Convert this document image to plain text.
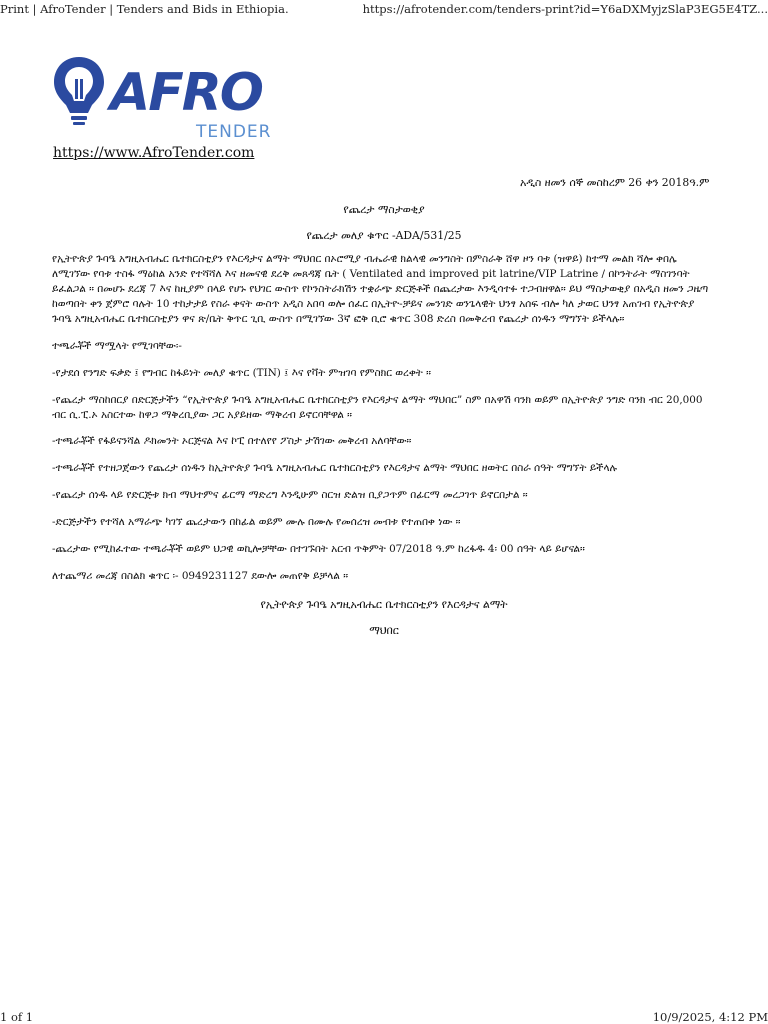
Print | AfroTender | Tenders and Bids in Ethiopia.	https://afrotender.com/tenders-print?id=Y6aDXMyjzSlaP3EG5E4TZ...
AFRO
TENDER
https://www.AfroTender.com
አዲስ ዘመን ሰኞ መስከረም 26 ቀን 2018ዓ.ም
የጨረታ ማስታወቂያ
የጨረታ መለያ ቁጥር -ADA/531/25

የኢትዮጵያ ጉባዔ አግዚአብሔር ቤተክርስቲያን የእርዳታና ልማት ማህበር በኦሮሚያ ብሔራዊ ክልላዊ መንግስት በምስራቅ ሸዋ ዞን ባቱ (ዝዋይ) ከተማ መልክ ሻሎ ቀበሌ ለሚገኘው የባቱ ተስፋ ማዕከል አንድ የተሻሻለ እና ዘመናዊ ደረቅ መጸዳጃ ቤት ( Ventilated and improved pit latrine/VIP Latrine / በኮንትራት ማስገንባት ይፈልጋል ። በመሆኑ ደረጃ 7 እና ከዚያም በላይ የሆኑ የህገር ውስጥ የኮንስትራክሽን ተቋራጭ ድርጅቶች በጨረታው እንዲሳተፉ ተጋብዘዋል። ይህ ማስታወቂያ በአዲስ ዘመን ጋዜጣ ከወጣበት ቀን ጀምሮ ባሉት 10 ተከታታይ የስራ ቀናት ውስጥ አዲስ አበባ ወሎ ሰፈር በኢትዮ-ቻይና መንገድ ወንጌላዊት ህንፃ አሰፍ ብሎ ካለ ታወር ህንፃ አጠገብ የኢትዮጵያ ጉባዔ አግዚአብሔር ቤተክርስቲያን ዋና ጽ/ቤት ቅጥር ጊቢ ውስጥ በሚገኘው 3ኛ ፎቅ ቢሮ ቁጥር 308 ድረስ በመቅረብ የጨረታ ሰነዱን ማግኘት ይችላሉ።

ተጫራቾች ማሟላት የሚገባቸው፡-
-የታደሰ የንግድ ፍቃድ ፤ የግብር ከፋይነት መለያ ቁጥር (TIN) ፤ እና የቫት ምዝገባ የምስክር ወረቀት ።
-የጨረታ ማስከበርያ በድርጅታችን “የኢትዮጵያ ጉባዔ አግዚአብሔር ቤተክርስቲያን የእርዳታና ልማት ማህበር” ስም በአዋሽ ባንክ ወይም በኢትዮጵያ ንግድ ባንክ ብር 20,000 ብር ሲ.ፒ.ኦ አስርተው ከዋጋ ማቅረቢያው ጋር አያይዘው ማቅረብ ይኖርባቸዋል ።
-ተጫራቾች የፋይናንሻል ዶክመንት ኦርጅናል እና ኮፒ በተለየየ ፖስታ ታሽገው መቅረብ አለባቸው።
-ተጫራቾች የተዘጋጀውን የጨረታ ሰነዱን ከኢትዮጵያ ጉባዔ አግዚአብሔር ቤተክርስቲያን የእርዳታና ልማት ማህበር ዘወትር በስራ ሰዓት ማግኘት ይችላሉ
-የጨረታ ሰነዱ ላይ የድርጅቱ ክብ ማህተምና ፊርማ ማድረግ እንዲሁም ስርዝ ድልዝ ቢያጋጥም በፊርማ መረጋገጥ ይኖርበታል ።
-ድርጅታችን የተሻለ አማራጭ ካገኘ ጨረታውን በከፊል ወይም ሙሉ በሙሉ የመሰረዝ መብቱ የተጠበቀ ነው ።
-ጨረታው የሚከፈተው ተጫራቾች ወይም ህጋዊ ወኪሎቻቸው በተገኙበት አርብ ጥቅምት 07/2018 ዓ.ም ከረፋዱ 4፡ 00 ሰዓት ላይ ይሆናል።
ለተጨማሪ መረጃ በስልክ ቁጥር ፡- 0949231127 ደውሎ መጠየቅ ይቻላል ።
የኢትዮጵያ ጉባዔ አግዚአብሔር ቤተክርስቲያን የእርዳታና ልማት
ማህበር
1 of 1	10/9/2025, 4:12 PM
